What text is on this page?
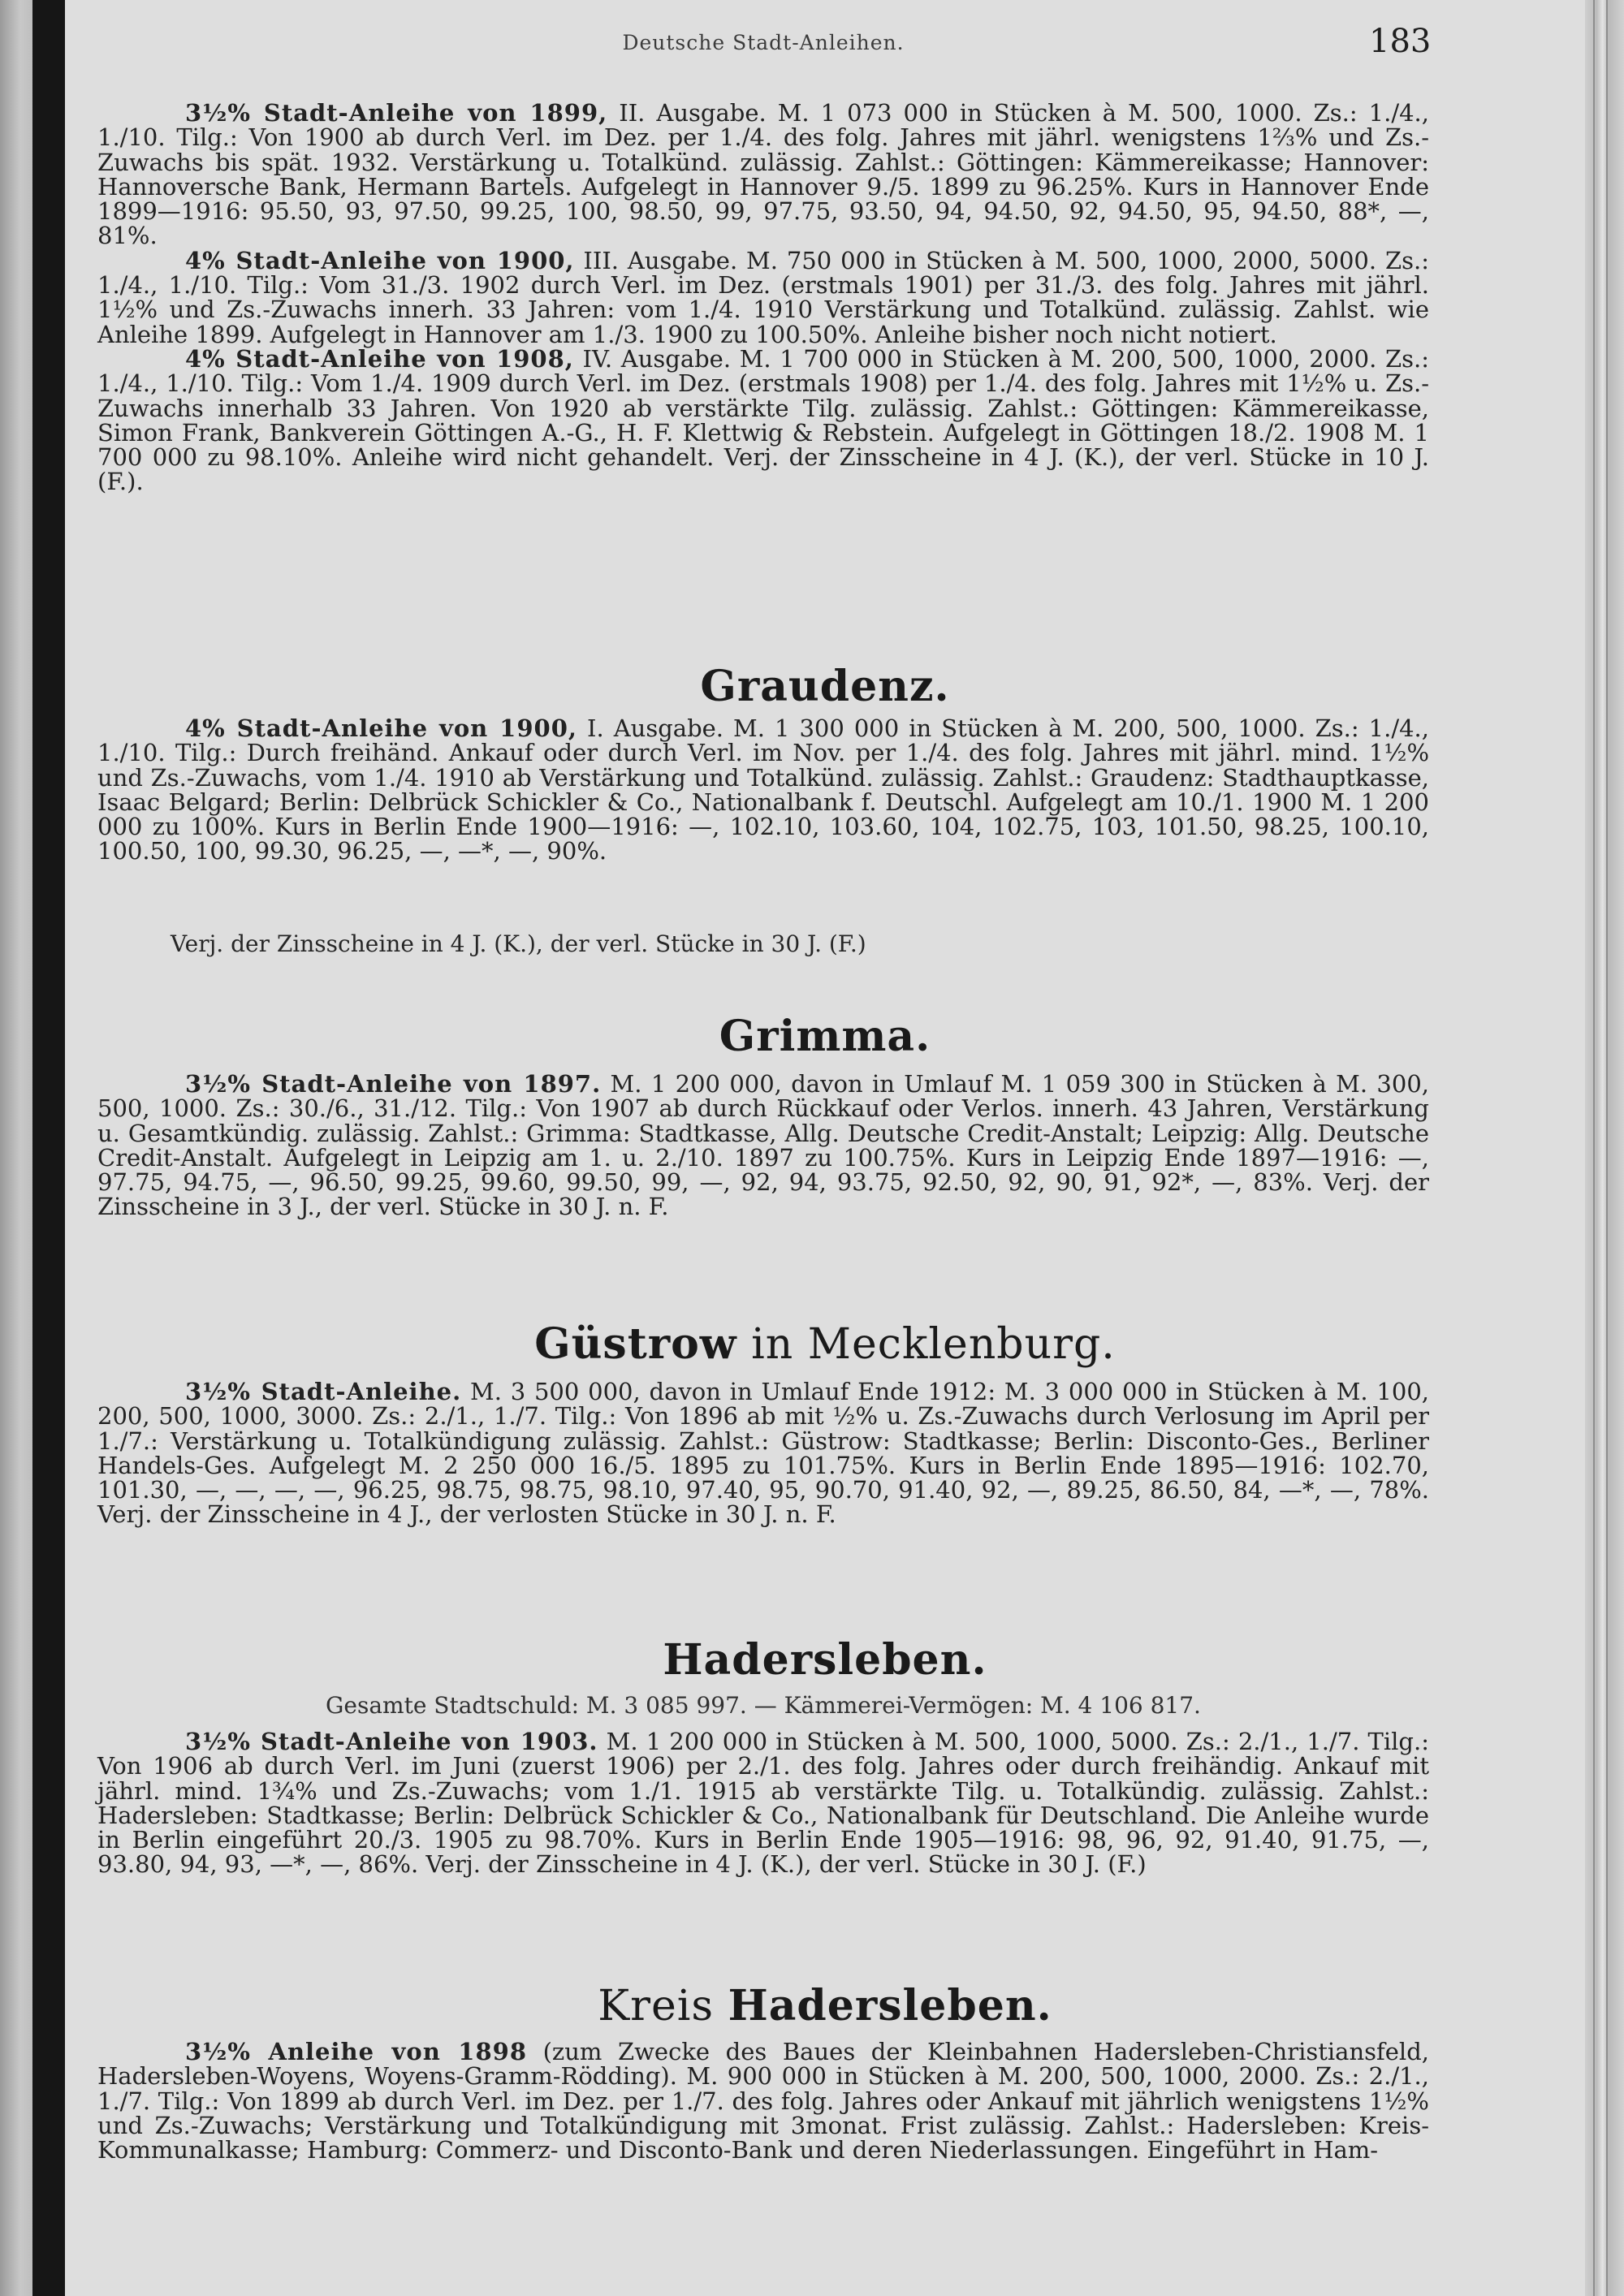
Deutsche Stadt-Anleihen.	183

3½% Stadt-Anleihe von 1899, II. Ausgabe. M. 1 073 000 in Stücken à M. 500, 1000. Zs.: 1./4., 1./10. Tilg.: Von 1900 ab durch Verl. im Dez. per 1./4. des folg. Jahres mit jährl. wenigstens 1⅔% und Zs.-Zuwachs bis spät. 1932. Verstärkung u. Totalkünd. zulässig. Zahlst.: Göttingen: Kämmereikasse; Hannover: Hannoversche Bank, Hermann Bartels. Aufgelegt in Hannover 9./5. 1899 zu 96.25%. Kurs in Hannover Ende 1899—1916: 95.50, 93, 97.50, 99.25, 100, 98.50, 99, 97.75, 93.50, 94, 94.50, 92, 94.50, 95, 94.50, 88*, —, 81%.

4% Stadt-Anleihe von 1900, III. Ausgabe. M. 750 000 in Stücken à M. 500, 1000, 2000, 5000. Zs.: 1./4., 1./10. Tilg.: Vom 31./3. 1902 durch Verl. im Dez. (erstmals 1901) per 31./3. des folg. Jahres mit jährl. 1½% und Zs.-Zuwachs innerh. 33 Jahren: vom 1./4. 1910 Verstärkung und Totalkünd. zulässig. Zahlst. wie Anleihe 1899. Aufgelegt in Hannover am 1./3. 1900 zu 100.50%. Anleihe bisher noch nicht notiert.

4% Stadt-Anleihe von 1908, IV. Ausgabe. M. 1 700 000 in Stücken à M. 200, 500, 1000, 2000. Zs.: 1./4., 1./10. Tilg.: Vom 1./4. 1909 durch Verl. im Dez. (erstmals 1908) per 1./4. des folg. Jahres mit 1½% u. Zs.-Zuwachs innerhalb 33 Jahren. Von 1920 ab verstärkte Tilg. zulässig. Zahlst.: Göttingen: Kämmereikasse, Simon Frank, Bankverein Göttingen A.-G., H. F. Klettwig & Rebstein. Aufgelegt in Göttingen 18./2. 1908 M. 1 700 000 zu 98.10%. Anleihe wird nicht gehandelt. Verj. der Zinsscheine in 4 J. (K.), der verl. Stücke in 10 J. (F.).

Graudenz.

4% Stadt-Anleihe von 1900, I. Ausgabe. M. 1 300 000 in Stücken à M. 200, 500, 1000. Zs.: 1./4., 1./10. Tilg.: Durch freihänd. Ankauf oder durch Verl. im Nov. per 1./4. des folg. Jahres mit jährl. mind. 1½% und Zs.-Zuwachs, vom 1./4. 1910 ab Verstärkung und Totalkünd. zulässig. Zahlst.: Graudenz: Stadthauptkasse, Isaac Belgard; Berlin: Delbrück Schickler & Co., Nationalbank f. Deutschl. Aufgelegt am 10./1. 1900 M. 1 200 000 zu 100%. Kurs in Berlin Ende 1900—1916: —, 102.10, 103.60, 104, 102.75, 103, 101.50, 98.25, 100.10, 100.50, 100, 99.30, 96.25, —, —*, —, 90%.

Verj. der Zinsscheine in 4 J. (K.), der verl. Stücke in 30 J. (F.)
Grimma.

3½% Stadt-Anleihe von 1897. M. 1 200 000, davon in Umlauf M. 1 059 300 in Stücken à M. 300, 500, 1000. Zs.: 30./6., 31./12. Tilg.: Von 1907 ab durch Rückkauf oder Verlos. innerh. 43 Jahren, Verstärkung u. Gesamtkündig. zulässig. Zahlst.: Grimma: Stadtkasse, Allg. Deutsche Credit-Anstalt; Leipzig: Allg. Deutsche Credit-Anstalt. Aufgelegt in Leipzig am 1. u. 2./10. 1897 zu 100.75%. Kurs in Leipzig Ende 1897—1916: —, 97.75, 94.75, —, 96.50, 99.25, 99.60, 99.50, 99, —, 92, 94, 93.75, 92.50, 92, 90, 91, 92*, —, 83%. Verj. der Zinsscheine in 3 J., der verl. Stücke in 30 J. n. F.

Güstrow in Mecklenburg.

3½% Stadt-Anleihe. M. 3 500 000, davon in Umlauf Ende 1912: M. 3 000 000 in Stücken à M. 100, 200, 500, 1000, 3000. Zs.: 2./1., 1./7. Tilg.: Von 1896 ab mit ½% u. Zs.-Zuwachs durch Verlosung im April per 1./7.: Verstärkung u. Totalkündigung zulässig. Zahlst.: Güstrow: Stadtkasse; Berlin: Disconto-Ges., Berliner Handels-Ges. Aufgelegt M. 2 250 000 16./5. 1895 zu 101.75%. Kurs in Berlin Ende 1895—1916: 102.70, 101.30, —, —, —, —, 96.25, 98.75, 98.75, 98.10, 97.40, 95, 90.70, 91.40, 92, —, 89.25, 86.50, 84, —*, —, 78%. Verj. der Zinsscheine in 4 J., der verlosten Stücke in 30 J. n. F.

Hadersleben.
Gesamte Stadtschuld: M. 3 085 997. — Kämmerei-Vermögen: M. 4 106 817.

3½% Stadt-Anleihe von 1903. M. 1 200 000 in Stücken à M. 500, 1000, 5000. Zs.: 2./1., 1./7. Tilg.: Von 1906 ab durch Verl. im Juni (zuerst 1906) per 2./1. des folg. Jahres oder durch freihändig. Ankauf mit jährl. mind. 1¾% und Zs.-Zuwachs; vom 1./1. 1915 ab verstärkte Tilg. u. Totalkündig. zulässig. Zahlst.: Hadersleben: Stadtkasse; Berlin: Delbrück Schickler & Co., Nationalbank für Deutschland. Die Anleihe wurde in Berlin eingeführt 20./3. 1905 zu 98.70%. Kurs in Berlin Ende 1905—1916: 98, 96, 92, 91.40, 91.75, —, 93.80, 94, 93, —*, —, 86%. Verj. der Zinsscheine in 4 J. (K.), der verl. Stücke in 30 J. (F.)

Kreis Hadersleben.

3½% Anleihe von 1898 (zum Zwecke des Baues der Kleinbahnen Hadersleben-Christiansfeld, Hadersleben-Woyens, Woyens-Gramm-Rödding). M. 900 000 in Stücken à M. 200, 500, 1000, 2000. Zs.: 2./1., 1./7. Tilg.: Von 1899 ab durch Verl. im Dez. per 1./7. des folg. Jahres oder Ankauf mit jährlich wenigstens 1½% und Zs.-Zuwachs; Verstärkung und Totalkündigung mit 3monat. Frist zulässig. Zahlst.: Hadersleben: Kreis-Kommunalkasse; Hamburg: Commerz- und Disconto-Bank und deren Niederlassungen. Eingeführt in Ham-
